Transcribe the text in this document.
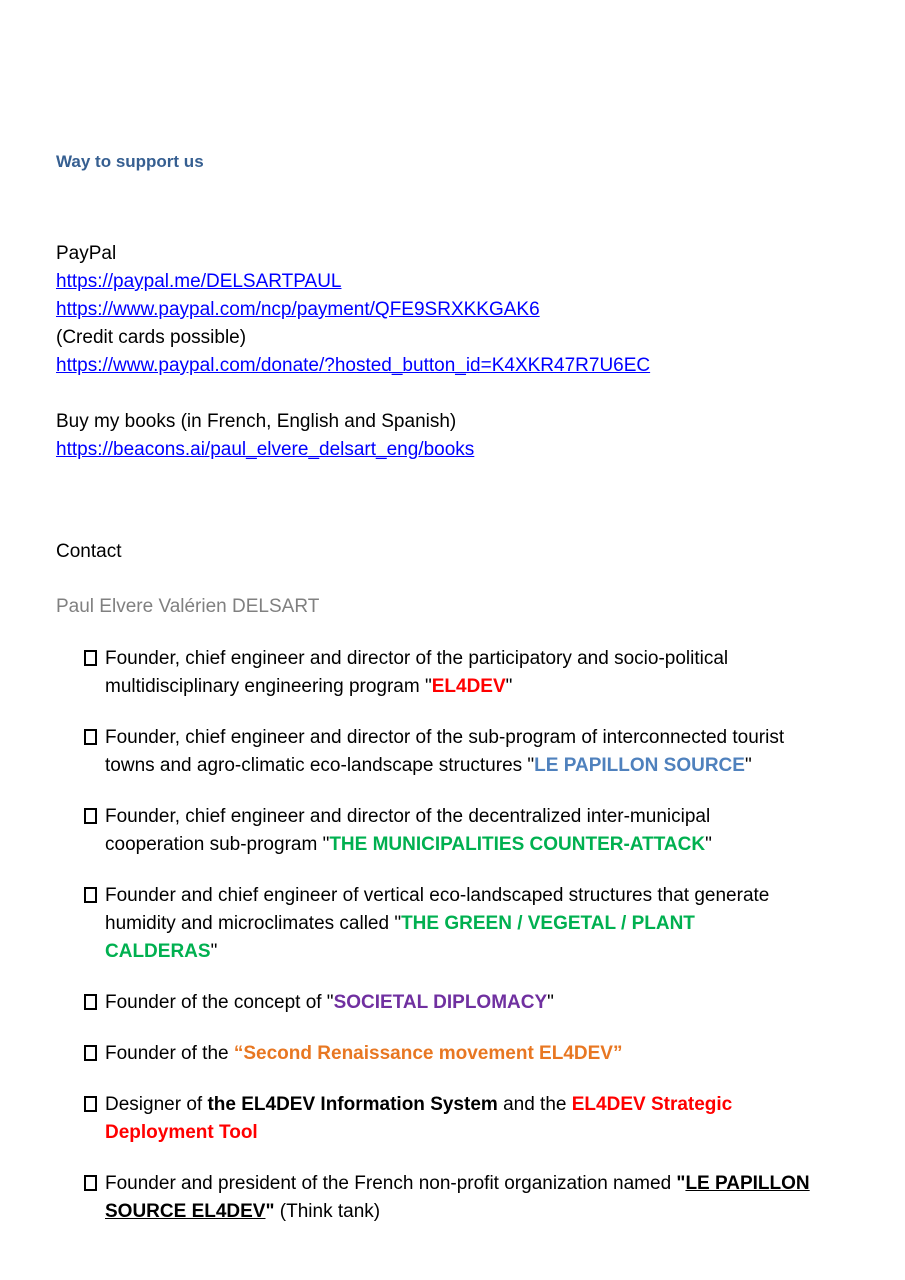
Way to support us
PayPal
https://paypal.me/DELSARTPAUL
https://www.paypal.com/ncp/payment/QFE9SRXKKGAK6
(Credit cards possible)
https://www.paypal.com/donate/?hosted_button_id=K4XKR47R7U6EC
Buy my books (in French, English and Spanish)
https://beacons.ai/paul_elvere_delsart_eng/books
Contact
Paul Elvere Valérien DELSART
Founder, chief engineer and director of the participatory and socio-political
multidisciplinary engineering program "EL4DEV"
Founder, chief engineer and director of the sub-program of interconnected tourist
towns and agro-climatic eco-landscape structures "LE PAPILLON SOURCE"
Founder, chief engineer and director of the decentralized inter-municipal
cooperation sub-program "THE MUNICIPALITIES COUNTER-ATTACK"
Founder and chief engineer of vertical eco-landscaped structures that generate
humidity and microclimates called "THE GREEN / VEGETAL / PLANT
CALDERAS"
Founder of the concept of "SOCIETAL DIPLOMACY"
Founder of the “Second Renaissance movement EL4DEV”
Designer of the EL4DEV Information System and the EL4DEV Strategic
Deployment Tool
Founder and president of the French non-profit organization named "LE PAPILLON
SOURCE EL4DEV" (Think tank)
